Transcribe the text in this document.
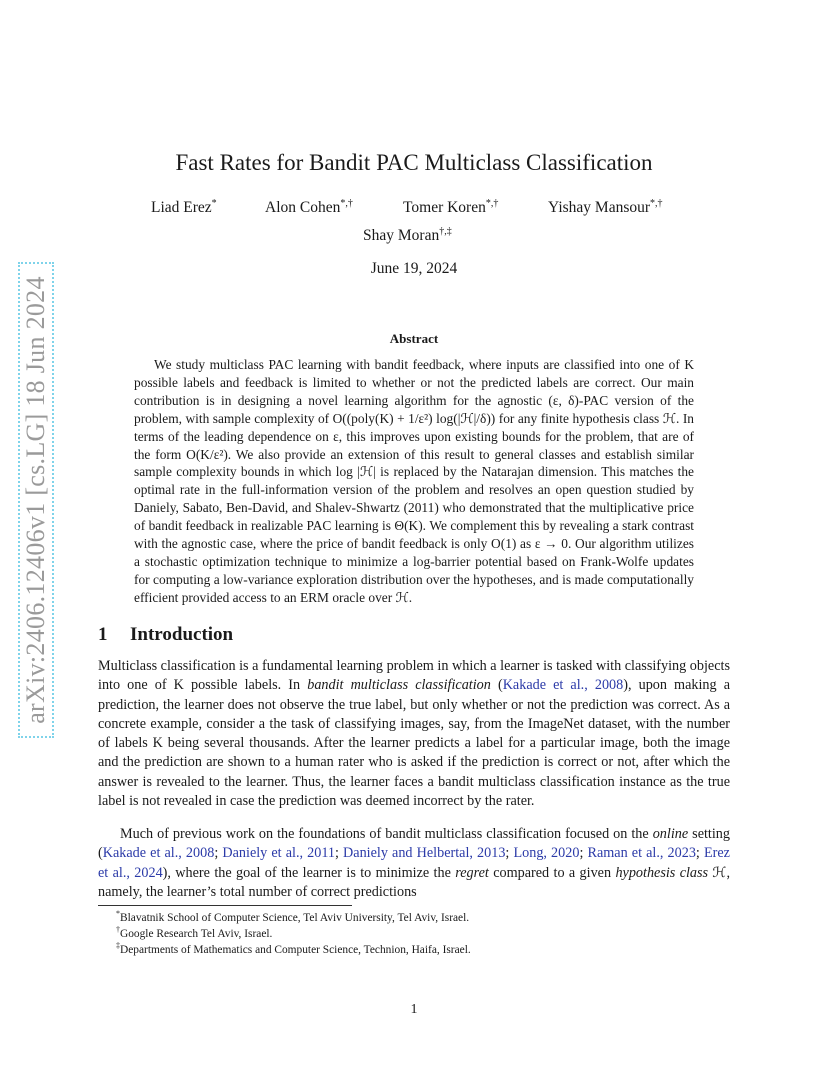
arXiv:2406.12406v1 [cs.LG] 18 Jun 2024
Fast Rates for Bandit PAC Multiclass Classification
Liad Erez*	Alon Cohen*,†	Tomer Koren*,†	Yishay Mansour*,†
Shay Moran†,‡
June 19, 2024
Abstract
We study multiclass PAC learning with bandit feedback, where inputs are classified into one of K possible labels and feedback is limited to whether or not the predicted labels are correct. Our main contribution is in designing a novel learning algorithm for the agnostic (ε, δ)-PAC version of the problem, with sample complexity of O((poly(K) + 1/ε²) log(|ℋ|/δ)) for any finite hypothesis class ℋ. In terms of the leading dependence on ε, this improves upon existing bounds for the problem, that are of the form O(K/ε²). We also provide an extension of this result to general classes and establish similar sample complexity bounds in which log |ℋ| is replaced by the Natarajan dimension. This matches the optimal rate in the full-information version of the problem and resolves an open question studied by Daniely, Sabato, Ben-David, and Shalev-Shwartz (2011) who demonstrated that the multiplicative price of bandit feedback in realizable PAC learning is Θ(K). We complement this by revealing a stark contrast with the agnostic case, where the price of bandit feedback is only O(1) as ε → 0. Our algorithm utilizes a stochastic optimization technique to minimize a log-barrier potential based on Frank-Wolfe updates for computing a low-variance exploration distribution over the hypotheses, and is made computationally efficient provided access to an ERM oracle over ℋ.
1 Introduction
Multiclass classification is a fundamental learning problem in which a learner is tasked with classifying objects into one of K possible labels. In bandit multiclass classification (Kakade et al., 2008), upon making a prediction, the learner does not observe the true label, but only whether or not the prediction was correct. As a concrete example, consider a the task of classifying images, say, from the ImageNet dataset, with the number of labels K being several thousands. After the learner predicts a label for a particular image, both the image and the prediction are shown to a human rater who is asked if the prediction is correct or not, after which the answer is revealed to the learner. Thus, the learner faces a bandit multiclass classification instance as the true label is not revealed in case the prediction was deemed incorrect by the rater.
Much of previous work on the foundations of bandit multiclass classification focused on the online setting (Kakade et al., 2008; Daniely et al., 2011; Daniely and Helbertal, 2013; Long, 2020; Raman et al., 2023; Erez et al., 2024), where the goal of the learner is to minimize the regret compared to a given hypothesis class ℋ, namely, the learner’s total number of correct predictions
*Blavatnik School of Computer Science, Tel Aviv University, Tel Aviv, Israel.
†Google Research Tel Aviv, Israel.
‡Departments of Mathematics and Computer Science, Technion, Haifa, Israel.
1
